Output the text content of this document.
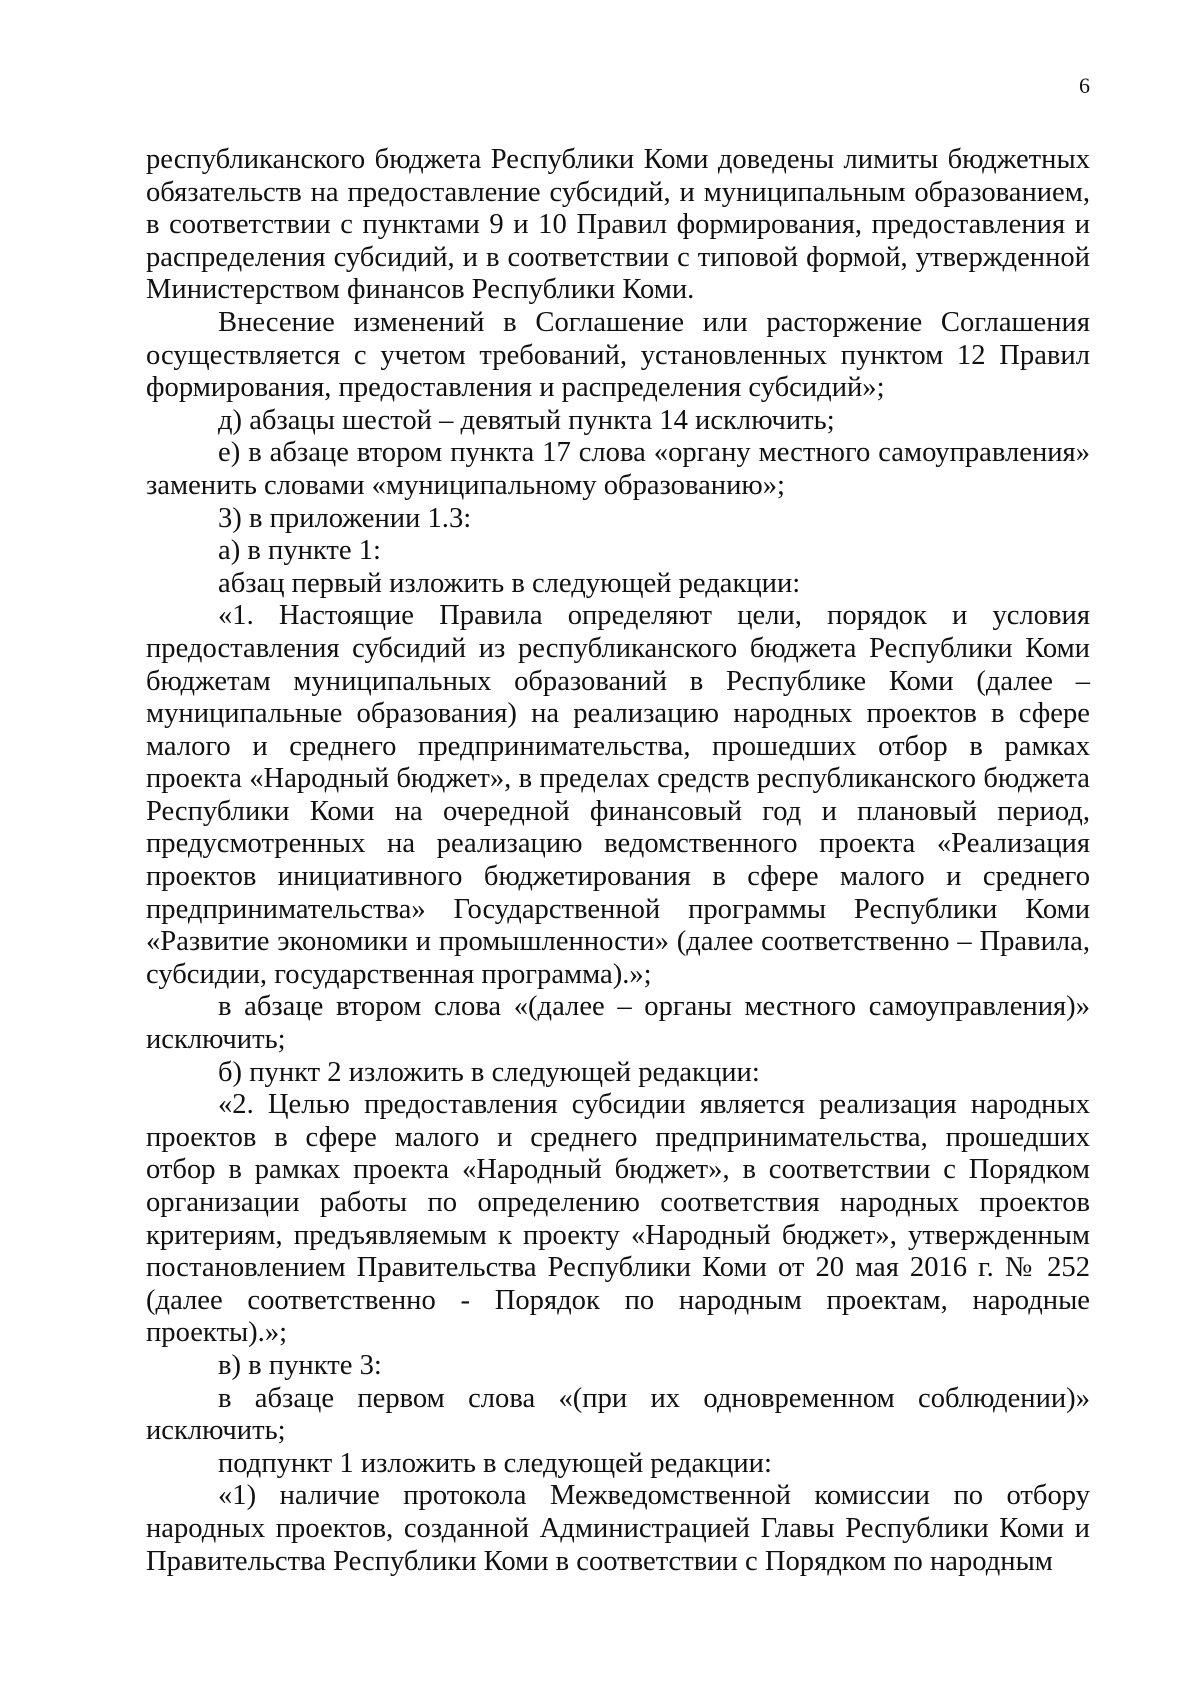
6

республиканского бюджета Республики Коми доведены лимиты бюджетных обязательств на предоставление субсидий, и муниципальным образованием, в соответствии с пунктами 9 и 10 Правил формирования, предоставления и распределения субсидий, и в соответствии с типовой формой, утвержденной Министерством финансов Республики Коми.

Внесение изменений в Соглашение или расторжение Соглашения осуществляется с учетом требований, установленных пунктом 12 Правил формирования, предоставления и распределения субсидий»;

д) абзацы шестой – девятый пункта 14 исключить;

е) в абзаце втором пункта 17 слова «органу местного самоуправления» заменить словами «муниципальному образованию»;

3) в приложении 1.3:

а) в пункте 1:

абзац первый изложить в следующей редакции:

«1. Настоящие Правила определяют цели, порядок и условия предоставления субсидий из республиканского бюджета Республики Коми бюджетам муниципальных образований в Республике Коми (далее – муниципальные образования) на реализацию народных проектов в сфере малого и среднего предпринимательства, прошедших отбор в рамках проекта «Народный бюджет», в пределах средств республиканского бюджета Республики Коми на очередной финансовый год и плановый период, предусмотренных на реализацию ведомственного проекта «Реализация проектов инициативного бюджетирования в сфере малого и среднего предпринимательства» Государственной программы Республики Коми «Развитие экономики и промышленности» (далее соответственно – Правила, субсидии, государственная программа).»;

в абзаце втором слова «(далее – органы местного самоуправления)» исключить;

б) пункт 2 изложить в следующей редакции:

«2. Целью предоставления субсидии является реализация народных проектов в сфере малого и среднего предпринимательства, прошедших отбор в рамках проекта «Народный бюджет», в соответствии с Порядком организации работы по определению соответствия народных проектов критериям, предъявляемым к проекту «Народный бюджет», утвержденным постановлением Правительства Республики Коми от 20 мая 2016 г. № 252 (далее соответственно - Порядок по народным проектам, народные проекты).»;

в) в пункте 3:

в абзаце первом слова «(при их одновременном соблюдении)» исключить;

подпункт 1 изложить в следующей редакции:

«1) наличие протокола Межведомственной комиссии по отбору народных проектов, созданной Администрацией Главы Республики Коми и Правительства Республики Коми в соответствии с Порядком по народным
